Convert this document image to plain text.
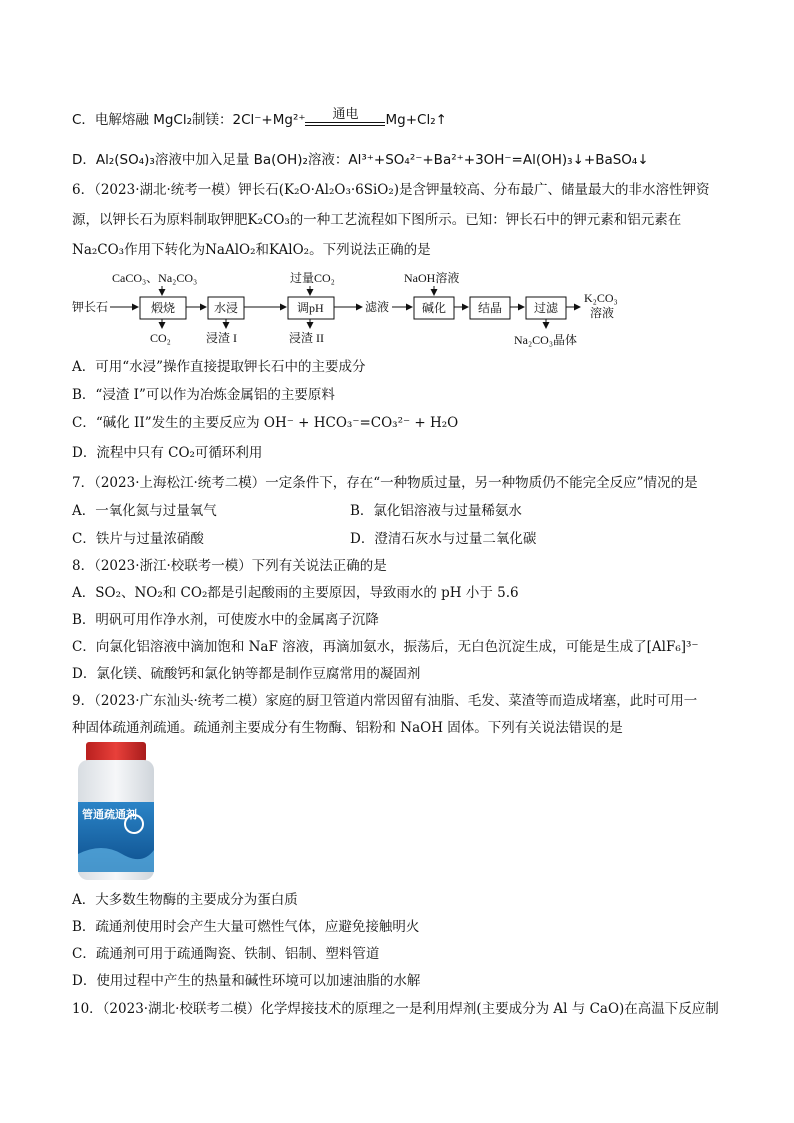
C．电解熔融 MgCl₂制镁：2Cl⁻+Mg²⁺	通电	Mg+Cl₂↑
D．Al₂(SO₄)₃溶液中加入足量 Ba(OH)₂溶液：Al³⁺+SO₄²⁻+Ba²⁺+3OH⁻=Al(OH)₃↓+BaSO₄↓
6．（2023·湖北·统考一模）钾长石(K₂O·Al₂O₃·6SiO₂)是含钾量较高、分布最广、储量最大的非水溶性钾资
源，以钾长石为原料制取钾肥K₂CO₃的一种工艺流程如下图所示。已知：钾长石中的钾元素和铝元素在
Na₂CO₃作用下转化为NaAlO₂和KAlO₂。下列说法正确的是
钾长石
CaCO₃、Na₂CO₃
煅烧
CO₂
水浸
浸渣 I
过量CO₂
调pH
浸渣 II
滤液
NaOH溶液
碱化	结晶	过滤
Na₂CO₃晶体
K₂CO₃
溶液
A．可用“水浸”操作直接提取钾长石中的主要成分
B．“浸渣 I”可以作为冶炼金属铝的主要原料
C．“碱化 II”发生的主要反应为 OH⁻ + HCO₃⁻=CO₃²⁻ + H₂O
D．流程中只有 CO₂可循环利用
7．（2023·上海松江·统考二模）一定条件下，存在“一种物质过量，另一种物质仍不能完全反应”情况的是
A．一氧化氮与过量氧气	B．氯化铝溶液与过量稀氨水
C．铁片与过量浓硝酸	D．澄清石灰水与过量二氧化碳
8．（2023·浙江·校联考一模）下列有关说法正确的是
A．SO₂、NO₂和 CO₂都是引起酸雨的主要原因，导致雨水的 pH 小于 5.6
B．明矾可用作净水剂，可使废水中的金属离子沉降
C．向氯化铝溶液中滴加饱和 NaF 溶液，再滴加氨水，振荡后，无白色沉淀生成，可能是生成了[AlF₆]³⁻
D．氯化镁、硫酸钙和氯化钠等都是制作豆腐常用的凝固剂
9．（2023·广东汕头·统考二模）家庭的厨卫管道内常因留有油脂、毛发、菜渣等而造成堵塞，此时可用一
种固体疏通剂疏通。疏通剂主要成分有生物酶、铝粉和 NaOH 固体。下列有关说法错误的是
管通疏通剂
A．大多数生物酶的主要成分为蛋白质
B．疏通剂使用时会产生大量可燃性气体，应避免接触明火
C．疏通剂可用于疏通陶瓷、铁制、铝制、塑料管道
D．使用过程中产生的热量和碱性环境可以加速油脂的水解
10．（2023·湖北·校联考二模）化学焊接技术的原理之一是利用焊剂(主要成分为 Al 与 CaO)在高温下反应制
